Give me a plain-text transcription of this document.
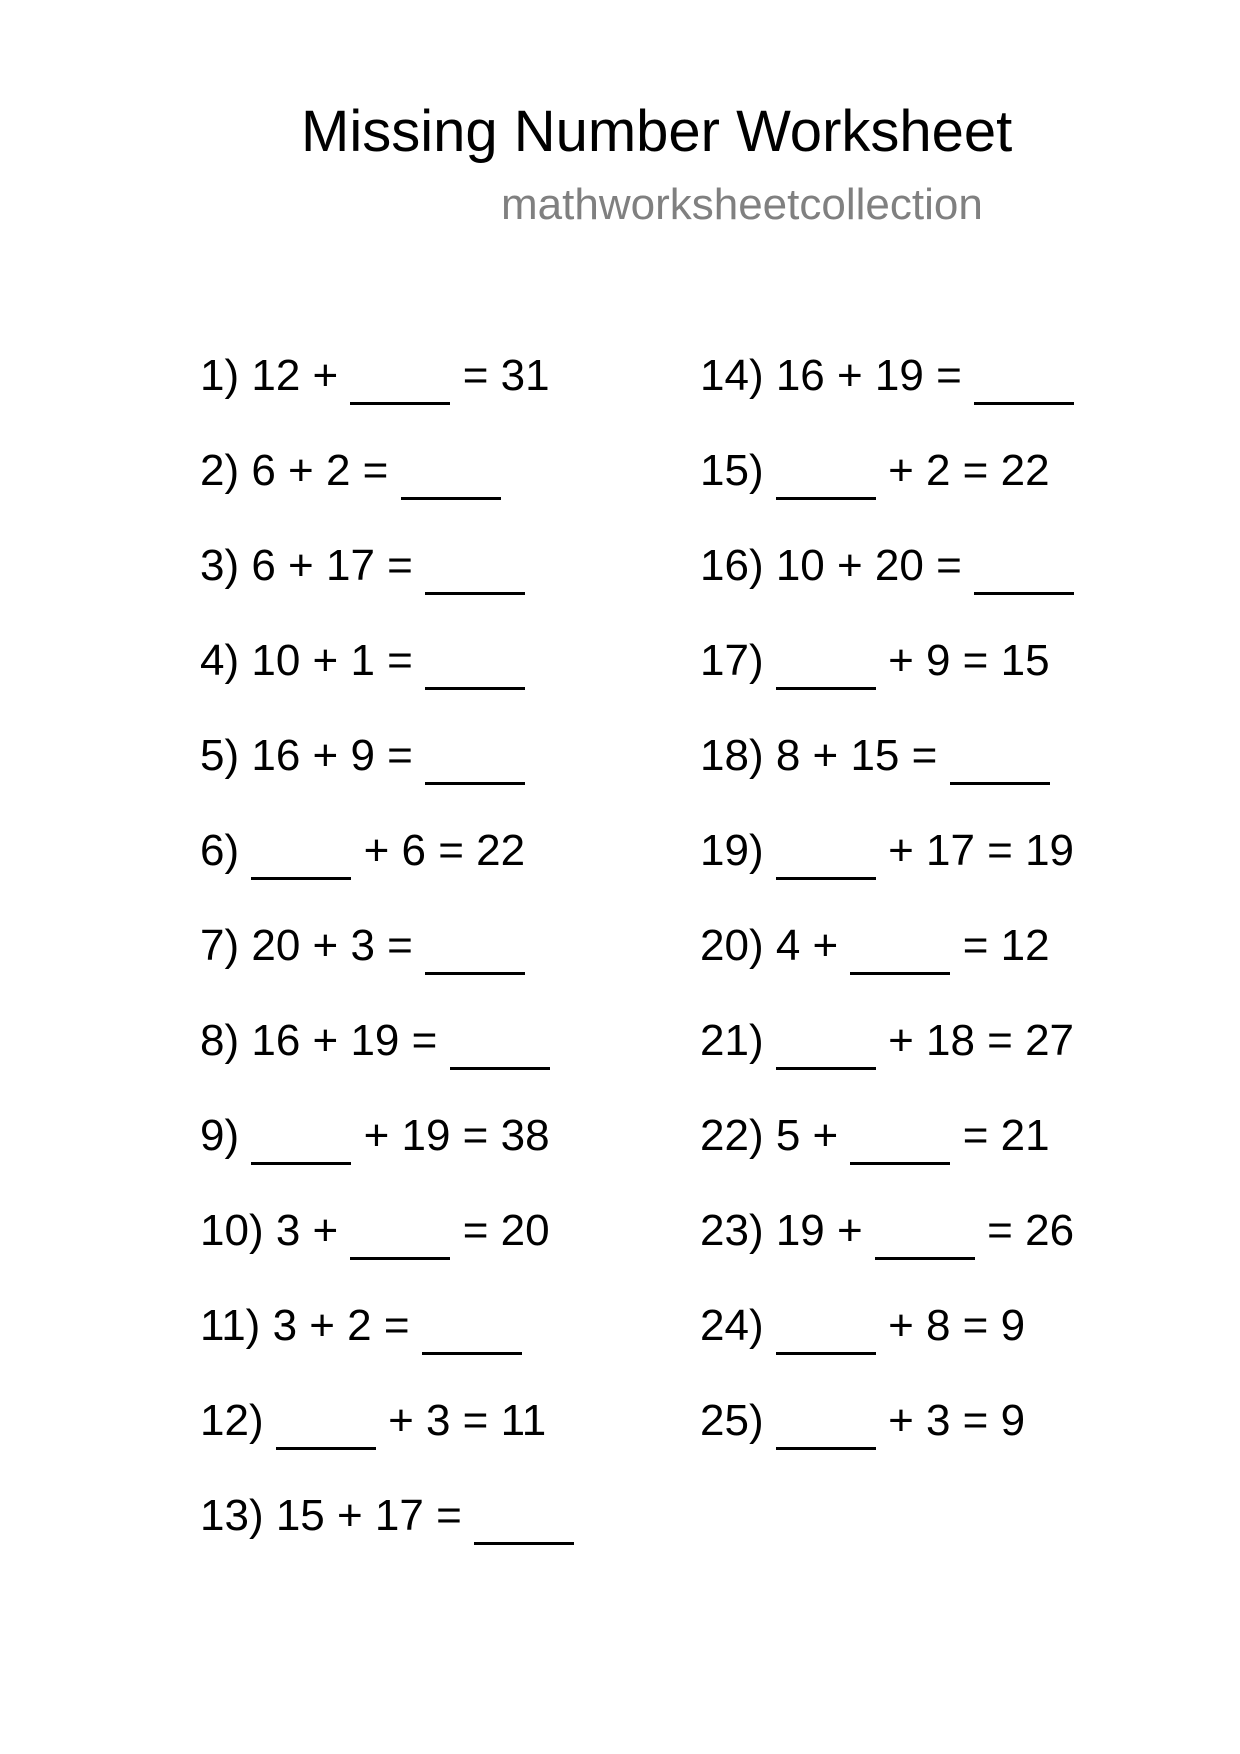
Missing Number Worksheet
mathworksheetcollection
1) 12 +	= 31
2) 6 + 2 =
3) 6 + 17 =
4) 10 + 1 =
5) 16 + 9 =
6)	+ 6 = 22
7) 20 + 3 =
8) 16 + 19 =
9)	+ 19 = 38
10) 3 +	= 20
11) 3 + 2 =
12)	+ 3 = 11
13) 15 + 17 =
14) 16 + 19 =
15)	+ 2 = 22
16) 10 + 20 =
17)	+ 9 = 15
18) 8 + 15 =
19)	+ 17 = 19
20) 4 +	= 12
21)	+ 18 = 27
22) 5 +	= 21
23) 19 +	= 26
24)	+ 8 = 9
25)	+ 3 = 9
